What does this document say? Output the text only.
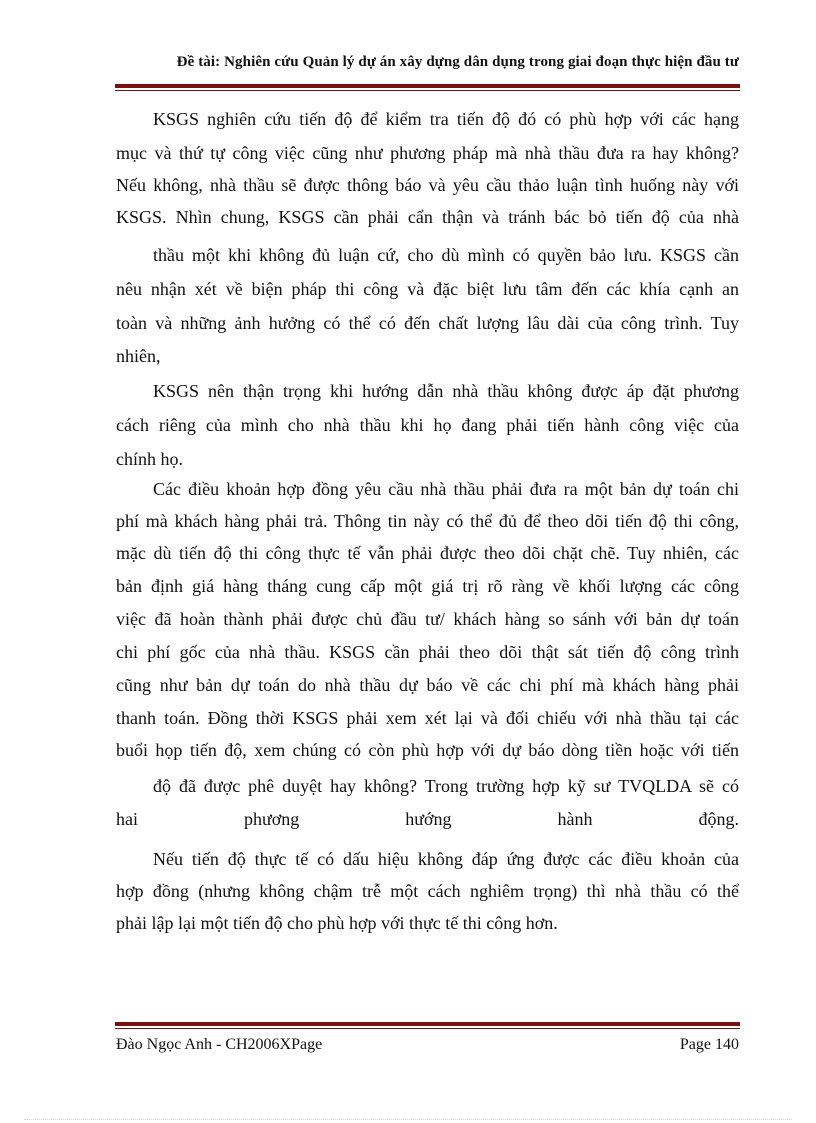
Đề tài: Nghiên cứu Quản lý dự án xây dựng dân dụng trong giai đoạn thực hiện đầu tư
KSGS nghiên cứu tiến độ để kiểm tra tiến độ đó có phù hợp với các hạng
mục và thứ tự công việc cũng như phương pháp mà nhà thầu đưa ra hay không?
Nếu không, nhà thầu sẽ được thông báo và yêu cầu thảo luận tình huống này với
KSGS. Nhìn chung, KSGS cần phải cẩn thận và tránh bác bỏ tiến độ của nhà
thầu một khi không đủ luận cứ, cho dù mình có quyền bảo lưu. KSGS cần
nêu nhận xét về biện pháp thi công và đặc biệt lưu tâm đến các khía cạnh an
toàn và những ảnh hưởng có thể có đến chất lượng lâu dài của công trình. Tuy
nhiên,
KSGS nên thận trọng khi hướng dẫn nhà thầu không được áp đặt phương
cách riêng của mình cho nhà thầu khi họ đang phải tiến hành công việc của
chính họ.
Các điều khoản hợp đồng yêu cầu nhà thầu phải đưa ra một bản dự toán chi
phí mà khách hàng phải trả. Thông tin này có thể đủ để theo dõi tiến độ thi công,
mặc dù tiến độ thi công thực tế vẫn phải được theo dõi chặt chẽ. Tuy nhiên, các
bản định giá hàng tháng cung cấp một giá trị rõ ràng về khối lượng các công
việc đã hoàn thành phải được chủ đầu tư/ khách hàng so sánh với bản dự toán
chi phí gốc của nhà thầu. KSGS cần phải theo dõi thật sát tiến độ công trình
cũng như bản dự toán do nhà thầu dự báo về các chi phí mà khách hàng phải
thanh toán. Đồng thời KSGS phải xem xét lại và đối chiếu với nhà thầu tại các
buổi họp tiến độ, xem chúng có còn phù hợp với dự báo dòng tiền hoặc với tiến
độ đã được phê duyệt hay không? Trong trường hợp kỹ sư TVQLDA sẽ có
hai phương hướng hành động.
Nếu tiến độ thực tế có dấu hiệu không đáp ứng được các điều khoản của
hợp đồng (nhưng không chậm trễ một cách nghiêm trọng) thì nhà thầu có thể
phải lập lại một tiến độ cho phù hợp với thực tế thi công hơn.
Đào Ngọc Anh - CH2006XPage	Page 140
